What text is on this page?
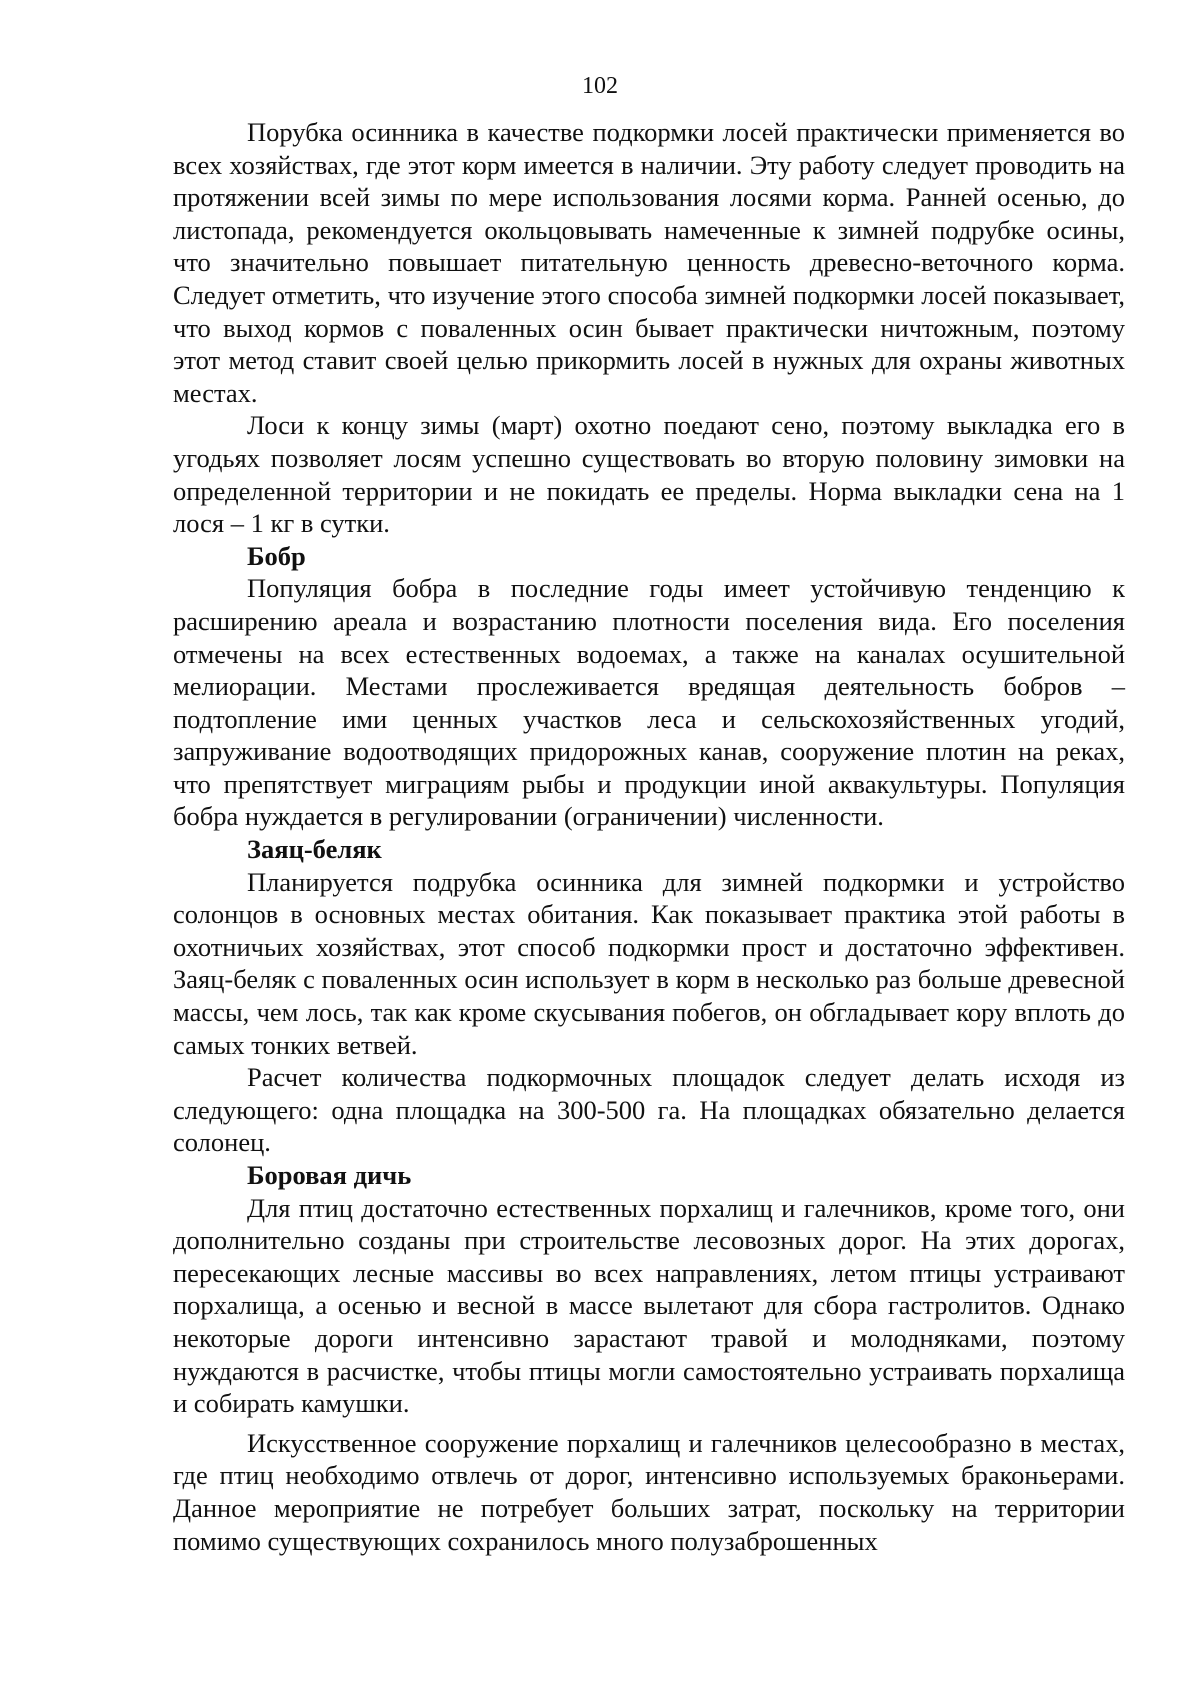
102

Порубка осинника в качестве подкормки лосей практически применяется во всех хозяйствах, где этот корм имеется в наличии. Эту работу следует проводить на протяжении всей зимы по мере использования лосями корма. Ранней осенью, до листопада, рекомендуется окольцовывать намеченные к зимней подрубке осины, что значительно повышает питательную ценность древесно-веточного корма. Следует отметить, что изучение этого способа зимней подкормки лосей показывает, что выход кормов с поваленных осин бывает практически ничтожным, поэтому этот метод ставит своей целью прикормить лосей в нужных для охраны животных местах.

Лоси к концу зимы (март) охотно поедают сено, поэтому выкладка его в угодьях позволяет лосям успешно существовать во вторую половину зимовки на определенной территории и не покидать ее пределы. Норма выкладки сена на 1 лося – 1 кг в сутки.

Бобр

Популяция бобра в последние годы имеет устойчивую тенденцию к расширению ареала и возрастанию плотности поселения вида. Его поселения отмечены на всех естественных водоемах, а также на каналах осушительной мелиорации. Местами прослеживается вредящая деятельность бобров – подтопление ими ценных участков леса и сельскохозяйственных угодий, запруживание водоотводящих придорожных канав, сооружение плотин на реках, что препятствует миграциям рыбы и продукции иной аквакультуры. Популяция бобра нуждается в регулировании (ограничении) численности.

Заяц-беляк

Планируется подрубка осинника для зимней подкормки и устройство солонцов в основных местах обитания. Как показывает практика этой работы в охотничьих хозяйствах, этот способ подкормки прост и достаточно эффективен. Заяц-беляк с поваленных осин использует в корм в несколько раз больше древесной массы, чем лось, так как кроме скусывания побегов, он обгладывает кору вплоть до самых тонких ветвей.

Расчет количества подкормочных площадок следует делать исходя из следующего: одна площадка на 300-500 га. На площадках обязательно делается солонец.

Боровая дичь

Для птиц достаточно естественных порхалищ и галечников, кроме того, они дополнительно созданы при строительстве лесовозных дорог. На этих дорогах, пересекающих лесные массивы во всех направлениях, летом птицы устраивают порхалища, а осенью и весной в массе вылетают для сбора гастролитов. Однако некоторые дороги интенсивно зарастают травой и молодняками, поэтому нуждаются в расчистке, чтобы птицы могли самостоятельно устраивать порхалища и собирать камушки.

Искусственное сооружение порхалищ и галечников целесообразно в местах, где птиц необходимо отвлечь от дорог, интенсивно используемых браконьерами. Данное мероприятие не потребует больших затрат, поскольку на территории помимо существующих сохранилось много полузаброшенных
